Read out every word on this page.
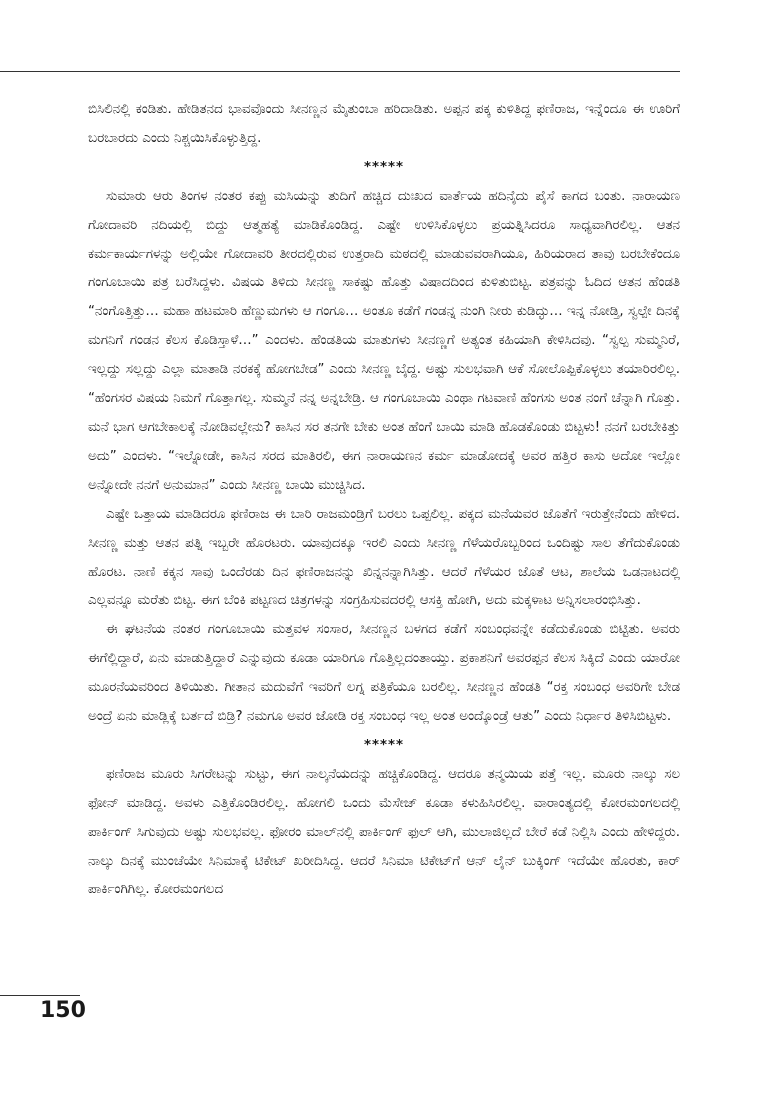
ಬಿಸಿಲಿನಲ್ಲಿ ಕಂಡಿತು. ಹೇಡಿತನದ ಭಾವವೊಂದು ಸೀನಣ್ಣನ ಮೈತುಂಬಾ ಹರಿದಾಡಿತು. ಅಪ್ಪನ ಪಕ್ಕ ಕುಳಿತಿದ್ದ ಫಣಿರಾಜ, ಇನ್ನೆಂದೂ ಈ ಊರಿಗೆ ಬರಬಾರದು ಎಂದು ನಿಶ್ಚಯಿಸಿಕೊಳ್ಳುತ್ತಿದ್ದ.

*****

ಸುಮಾರು ಆರು ತಿಂಗಳ ನಂತರ ಕಪ್ಪು ಮಸಿಯನ್ನು ತುದಿಗೆ ಹಚ್ಚಿದ ದುಃಖದ ವಾರ್ತೆಯ ಹದಿನೈದು ಪೈಸೆ ಕಾಗದ ಬಂತು. ನಾರಾಯಣ ಗೋದಾವರಿ ನದಿಯಲ್ಲಿ ಬಿದ್ದು ಆತ್ಮಹತ್ಯೆ ಮಾಡಿಕೊಂಡಿದ್ದ. ಎಷ್ಟೇ ಉಳಿಸಿಕೊಳ್ಳಲು ಪ್ರಯತ್ನಿಸಿದರೂ ಸಾಧ್ಯವಾಗಿರಲಿಲ್ಲ. ಆತನ ಕರ್ಮಕಾರ್ಯಗಳನ್ನು ಅಲ್ಲಿಯೇ ಗೋದಾವರಿ ತೀರದಲ್ಲಿರುವ ಉತ್ತರಾದಿ ಮಠದಲ್ಲಿ ಮಾಡುವವರಾಗಿಯೂ, ಹಿರಿಯರಾದ ತಾವು ಬರಬೇಕೆಂದೂ ಗಂಗೂಬಾಯಿ ಪತ್ರ ಬರೆಸಿದ್ದಳು. ವಿಷಯ ತಿಳಿದು ಸೀನಣ್ಣ ಸಾಕಷ್ಟು ಹೊತ್ತು ವಿಷಾದದಿಂದ ಕುಳಿತುಬಿಟ್ಟ. ಪತ್ರವನ್ನು ಓದಿದ ಆತನ ಹೆಂಡತಿ “ನಂಗೊತ್ತಿತ್ತು… ಮಹಾ ಹಟಮಾರಿ ಹೆಣ್ಣುಮಗಳು ಆ ಗಂಗೂ… ಅಂತೂ ಕಡೆಗೆ ಗಂಡನ್ನ ನುಂಗಿ ನೀರು ಕುಡಿದ್ಳು… ಇನ್ನ ನೋಡ್ತಿ, ಸ್ವಲ್ಪೇ ದಿನಕ್ಕೆ ಮಗನಿಗೆ ಗಂಡನ ಕೆಲಸ ಕೊಡಿಸ್ತಾಳೆ…” ಎಂದಳು. ಹೆಂಡತಿಯ ಮಾತುಗಳು ಸೀನಣ್ಣಗೆ ಅತ್ಯಂತ ಕಹಿಯಾಗಿ ಕೇಳಿಸಿದವು. “ಸ್ವಲ್ಪ ಸುಮ್ಮನಿರೆ, ಇಲ್ಲದ್ದು ಸಲ್ಲದ್ದು ಎಲ್ಲಾ ಮಾತಾಡಿ ನರಕಕ್ಕೆ ಹೋಗಬೇಡ” ಎಂದು ಸೀನಣ್ಣ ಬೈದ್ದ. ಅಷ್ಟು ಸುಲಭವಾಗಿ ಆಕೆ ಸೋಲೊಪ್ಪಿಕೊಳ್ಳಲು ತಯಾರಿರಲಿಲ್ಲ. “ಹೆಂಗಸರ ವಿಷಯ ನಿಮಗೆ ಗೊತ್ತಾಗಲ್ಲ. ಸುಮ್ಮನೆ ನನ್ನ ಅನ್ನಬೇಡ್ರಿ. ಆ ಗಂಗೂಬಾಯಿ ಎಂಥಾ ಗಟವಾಣಿ ಹೆಂಗಸು ಅಂತ ನಂಗೆ ಚೆನ್ನಾಗಿ ಗೊತ್ತು. ಮನೆ ಭಾಗ ಆಗಬೇಕಾಲಕ್ಕೆ ನೋಡಿವಲ್ಲೇನು? ಕಾಸಿನ ಸರ ತನಗೇ ಬೇಕು ಅಂತ ಹೆಂಗೆ ಬಾಯಿ ಮಾಡಿ ಹೊಡಕೊಂಡು ಬಿಟ್ಟಳು! ನನಗೆ ಬರಬೇಕಿತ್ತು ಅದು” ಎಂದಳು. “ಇಲ್ನೋಡೇ, ಕಾಸಿನ ಸರದ ಮಾತಿರಲಿ, ಈಗ ನಾರಾಯಣನ ಕರ್ಮ ಮಾಡೋದಕ್ಕೆ ಅವರ ಹತ್ತಿರ ಕಾಸು ಅದೋ ಇಲ್ಲೋ ಅನ್ನೋದೇ ನನಗೆ ಅನುಮಾನ” ಎಂದು ಸೀನಣ್ಣ ಬಾಯಿ ಮುಚ್ಚಿಸಿದ.

ಎಷ್ಟೇ ಒತ್ತಾಯ ಮಾಡಿದರೂ ಫಣಿರಾಜ ಈ ಬಾರಿ ರಾಜಮಂಡ್ರಿಗೆ ಬರಲು ಒಪ್ಪಲಿಲ್ಲ. ಪಕ್ಕದ ಮನೆಯವರ ಜೊತೆಗೆ ಇರುತ್ತೇನೆಂದು ಹೇಳಿದ. ಸೀನಣ್ಣ ಮತ್ತು ಆತನ ಪತ್ನಿ ಇಬ್ಬರೇ ಹೊರಟರು. ಯಾವುದಕ್ಕೂ ಇರಲಿ ಎಂದು ಸೀನಣ್ಣ ಗೆಳೆಯರೊಬ್ಬರಿಂದ ಒಂದಿಷ್ಟು ಸಾಲ ತೆಗೆದುಕೊಂಡು ಹೊರಟ. ನಾಣಿ ಕಕ್ಕನ ಸಾವು ಒಂದೆರಡು ದಿನ ಫಣಿರಾಜನನ್ನು ಖಿನ್ನನನ್ನಾಗಿಸಿತ್ತು. ಆದರೆ ಗೆಳೆಯರ ಜೊತೆ ಆಟ, ಶಾಲೆಯ ಒಡನಾಟದಲ್ಲಿ ಎಲ್ಲವನ್ನೂ ಮರೆತು ಬಿಟ್ಟ. ಈಗ ಬೆಂಕಿ ಪಟ್ಟಣದ ಚಿತ್ರಗಳನ್ನು ಸಂಗ್ರಹಿಸುವದರಲ್ಲಿ ಆಸಕ್ತಿ ಹೋಗಿ, ಅದು ಮಕ್ಕಳಾಟ ಅನ್ನಿಸಲಾರಂಭಿಸಿತ್ತು.

ಈ ಘಟನೆಯ ನಂತರ ಗಂಗೂಬಾಯಿ ಮತ್ತವಳ ಸಂಸಾರ, ಸೀನಣ್ಣನ ಬಳಗದ ಕಡೆಗೆ ಸಂಬಂಧವನ್ನೇ ಕಡೆದುಕೊಂಡು ಬಿಟ್ಟಿತು. ಅವರು ಈಗೆಲ್ಲಿದ್ದಾರೆ, ಏನು ಮಾಡುತ್ತಿದ್ದಾರೆ ಎನ್ನುವುದು ಕೂಡಾ ಯಾರಿಗೂ ಗೊತ್ತಿಲ್ಲದಂತಾಯ್ತು. ಪ್ರಕಾಶನಿಗೆ ಅವರಪ್ಪನ ಕೆಲಸ ಸಿಕ್ಕಿದೆ ಎಂದು ಯಾರೋ ಮೂರನೆಯವರಿಂದ ತಿಳಿಯಿತು. ಗೀತಾನ ಮದುವೆಗೆ ಇವರಿಗೆ ಲಗ್ನ ಪತ್ರಿಕೆಯೂ ಬರಲಿಲ್ಲ. ಸೀನಣ್ಣನ ಹೆಂಡತಿ “ರಕ್ತ ಸಂಬಂಧ ಅವರಿಗೇ ಬೇಡ ಅಂದ್ರೆ ಏನು ಮಾಡ್ಲಿಕ್ಕೆ ಬರ್ತದೆ ಬಿಡ್ರಿ? ನಮಗೂ ಅವರ ಜೋಡಿ ರಕ್ತ ಸಂಬಂಧ ಇಲ್ಲ ಅಂತ ಅಂದ್ಕೊಂಡ್ರೆ ಆತು” ಎಂದು ನಿರ್ಧಾರ ತಿಳಿಸಿಬಿಟ್ಟಳು.

*****

ಫಣಿರಾಜ ಮೂರು ಸಿಗರೇಟನ್ನು ಸುಟ್ಟು, ಈಗ ನಾಲ್ಕನೆಯದನ್ನು ಹಚ್ಚಿಕೊಂಡಿದ್ದ. ಆದರೂ ತನ್ಮಯಿಯ ಪತ್ತೆ ಇಲ್ಲ. ಮೂರು ನಾಲ್ಕು ಸಲ ಫೋನ್ ಮಾಡಿದ್ದ. ಅವಳು ಎತ್ತಿಕೊಂಡಿರಲಿಲ್ಲ. ಹೋಗಲಿ ಒಂದು ಮೆಸೇಜ್ ಕೂಡಾ ಕಳುಹಿಸಿರಲಿಲ್ಲ. ವಾರಾಂತ್ಯದಲ್ಲಿ ಕೋರಮಂಗಲದಲ್ಲಿ ಪಾರ್ಕಿಂಗ್ ಸಿಗುವುದು ಅಷ್ಟು ಸುಲಭವಲ್ಲ. ಫೋರಂ ಮಾಲ್‌ನಲ್ಲಿ ಪಾರ್ಕಿಂಗ್ ಫುಲ್ ಆಗಿ, ಮುಲಾಜಿಲ್ಲದೆ ಬೇರೆ ಕಡೆ ನಿಲ್ಲಿಸಿ ಎಂದು ಹೇಳಿದ್ದರು. ನಾಲ್ಕು ದಿನಕ್ಕೆ ಮುಂಚೆಯೇ ಸಿನಿಮಾಕ್ಕೆ ಟಿಕೇಟ್ ಖರೀದಿಸಿದ್ದ. ಆದರೆ ಸಿನಿಮಾ ಟಿಕೇಟ್‌ಗೆ ಆನ್ ಲೈನ್ ಬುಕ್ಕಿಂಗ್ ಇದೆಯೇ ಹೊರತು, ಕಾರ್ ಪಾರ್ಕಿಂಗಿಗಿಲ್ಲ. ಕೋರಮಂಗಲದ

150
